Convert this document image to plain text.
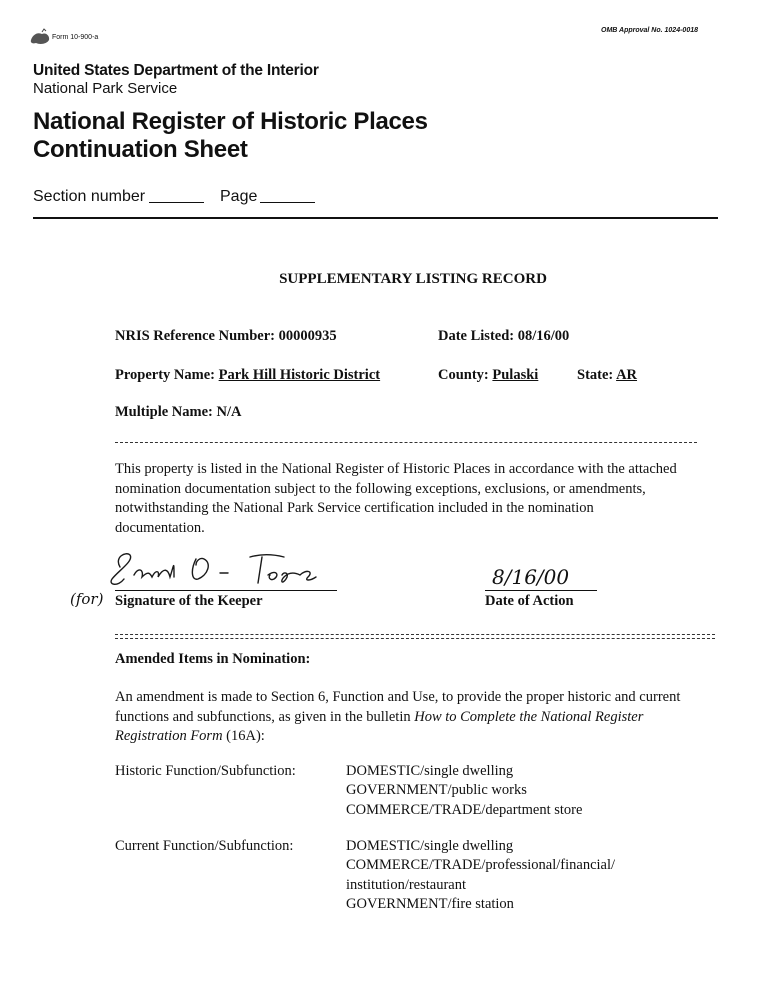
Form 10-900-a
OMB Approval No. 1024-0018
United States Department of the Interior
National Park Service
National Register of Historic Places
Continuation Sheet
Section number	Page
SUPPLEMENTARY LISTING RECORD
NRIS Reference Number: 00000935	Date Listed: 08/16/00
Property Name: Park Hill Historic District	County: Pulaski	State: AR
Multiple Name: N/A
This property is listed in the National Register of Historic Places in accordance with the attached
nomination documentation subject to the following exceptions, exclusions, or amendments,
notwithstanding the National Park Service certification included in the nomination
documentation.
(for) Signature of the Keeper
8/16/00
Date of Action
Amended Items in Nomination:
An amendment is made to Section 6, Function and Use, to provide the proper historic and current
functions and subfunctions, as given in the bulletin How to Complete the National Register
Registration Form (16A):
Historic Function/Subfunction:	DOMESTIC/single dwelling
GOVERNMENT/public works
COMMERCE/TRADE/department store
Current Function/Subfunction:	DOMESTIC/single dwelling
COMMERCE/TRADE/professional/financial/
institution/restaurant
GOVERNMENT/fire station
